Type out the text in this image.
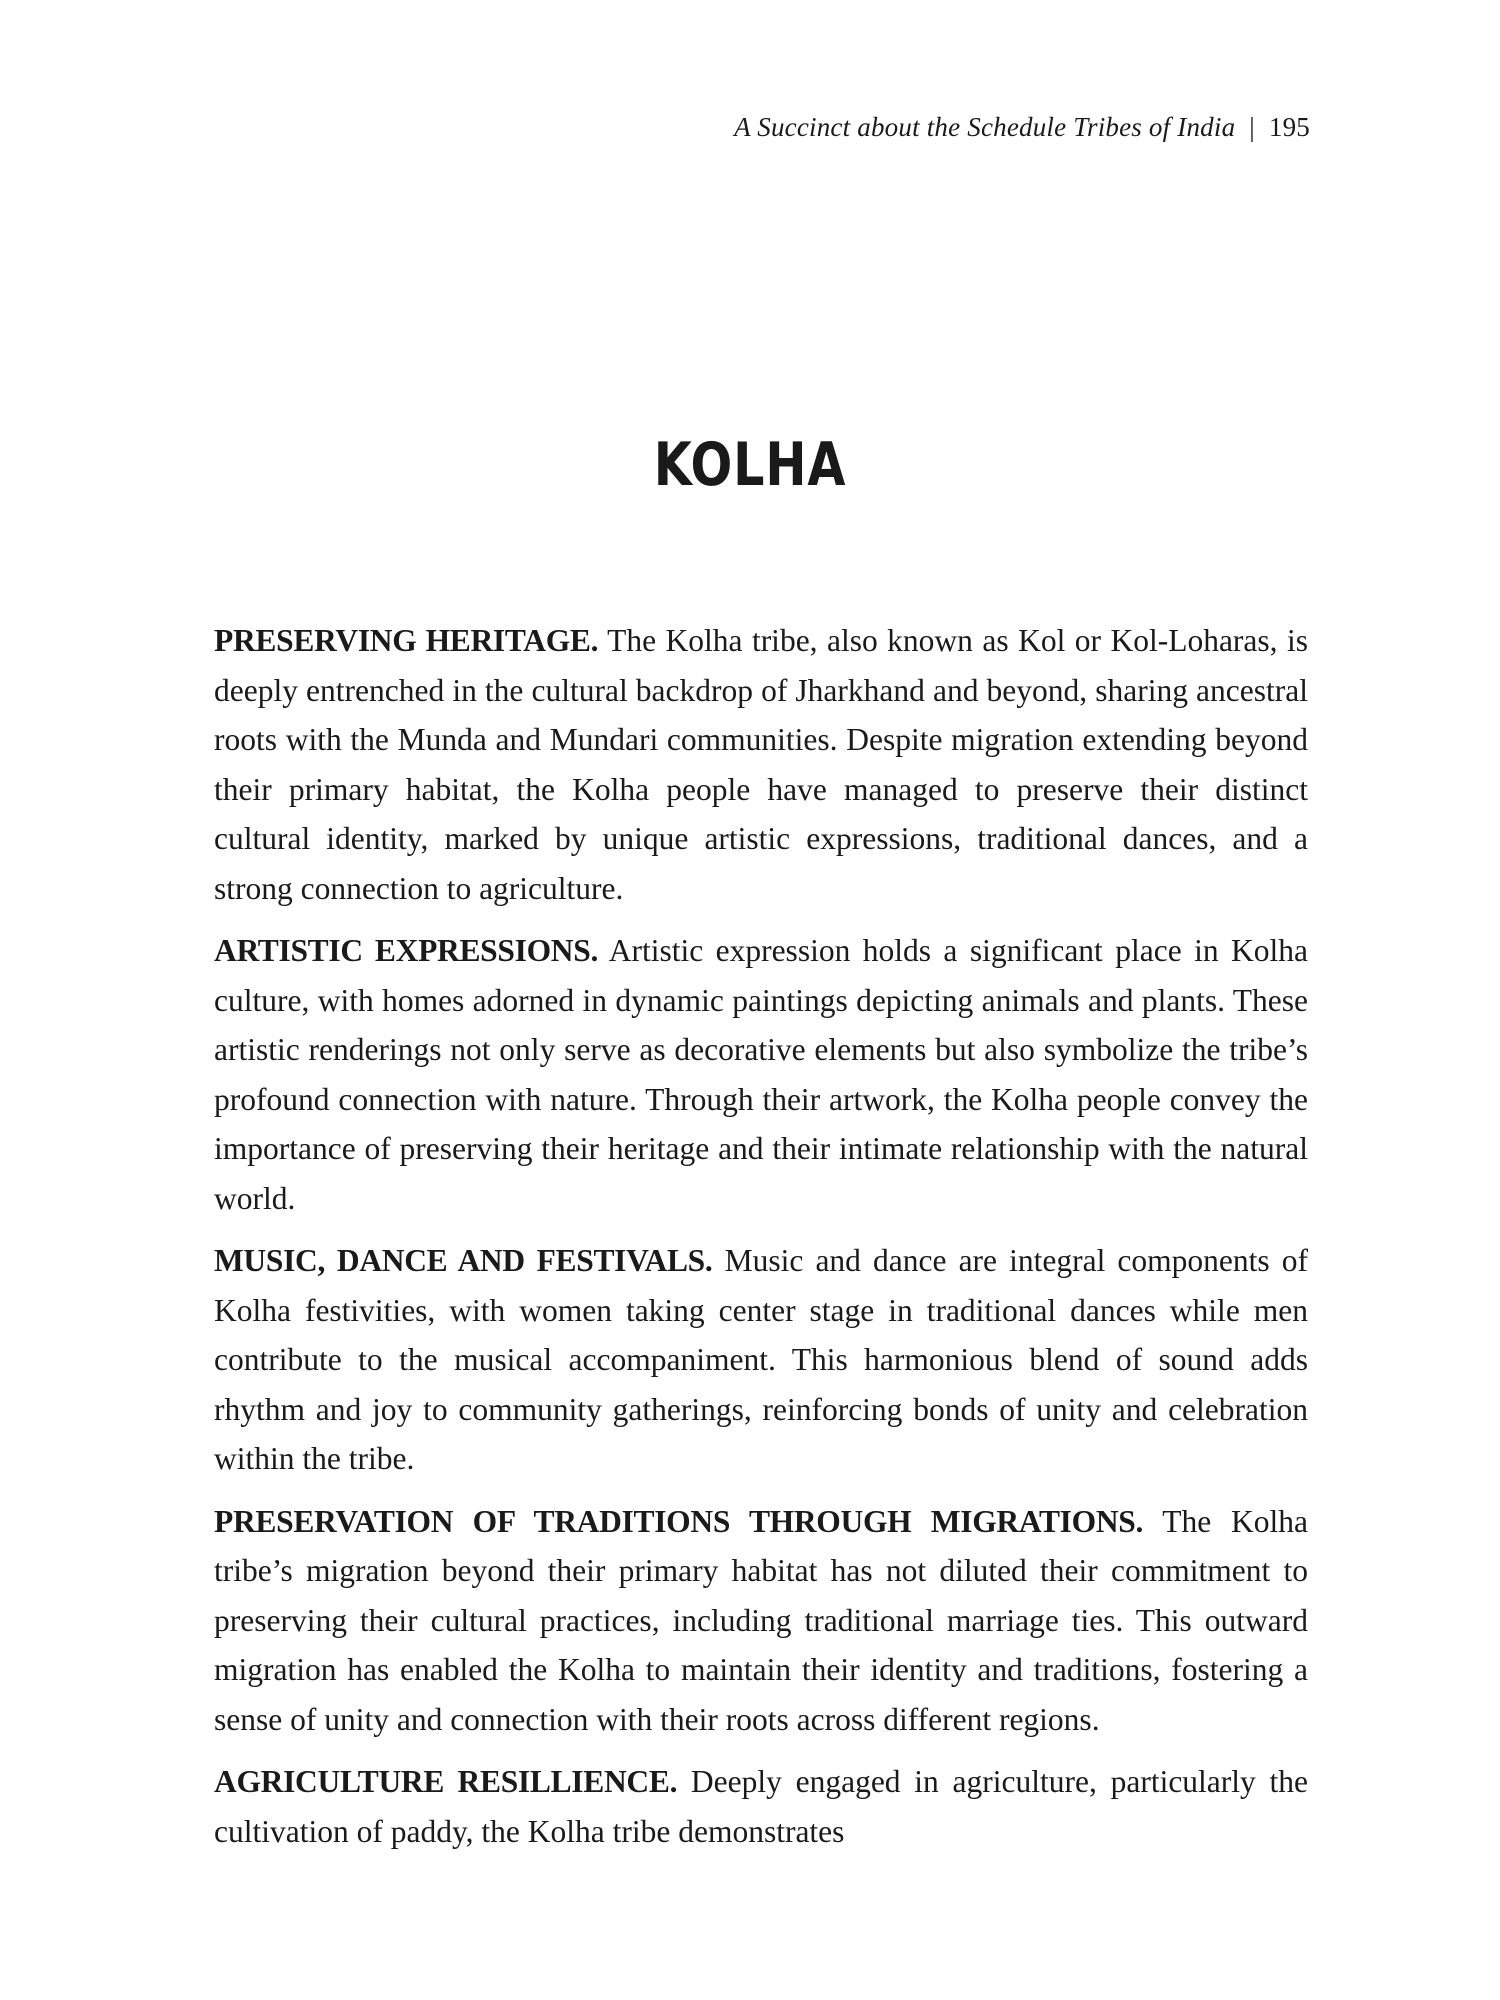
A Succinct about the Schedule Tribes of India | 195
KOLHA

PRESERVING HERITAGE. The Kolha tribe, also known as Kol or Kol-Loharas, is deeply entrenched in the cultural backdrop of Jharkhand and beyond, sharing ancestral roots with the Munda and Mundari communities. Despite migration extending beyond their primary habitat, the Kolha people have managed to preserve their distinct cultural identity, marked by unique artistic expressions, traditional dances, and a strong connection to agriculture.

ARTISTIC EXPRESSIONS. Artistic expression holds a significant place in Kolha culture, with homes adorned in dynamic paintings depicting animals and plants. These artistic renderings not only serve as decorative elements but also symbolize the tribe’s profound connection with nature. Through their artwork, the Kolha people convey the importance of preserving their heritage and their intimate relationship with the natural world.

MUSIC, DANCE AND FESTIVALS. Music and dance are integral components of Kolha festivities, with women taking center stage in traditional dances while men contribute to the musical accompaniment. This harmonious blend of sound adds rhythm and joy to community gatherings, reinforcing bonds of unity and celebration within the tribe.

PRESERVATION OF TRADITIONS THROUGH MIGRATIONS. The Kolha tribe’s migration beyond their primary habitat has not diluted their commitment to preserving their cultural practices, including traditional marriage ties. This outward migration has enabled the Kolha to maintain their identity and traditions, fostering a sense of unity and connection with their roots across different regions.

AGRICULTURE RESILLIENCE. Deeply engaged in agriculture, particularly the cultivation of paddy, the Kolha tribe demonstrates
